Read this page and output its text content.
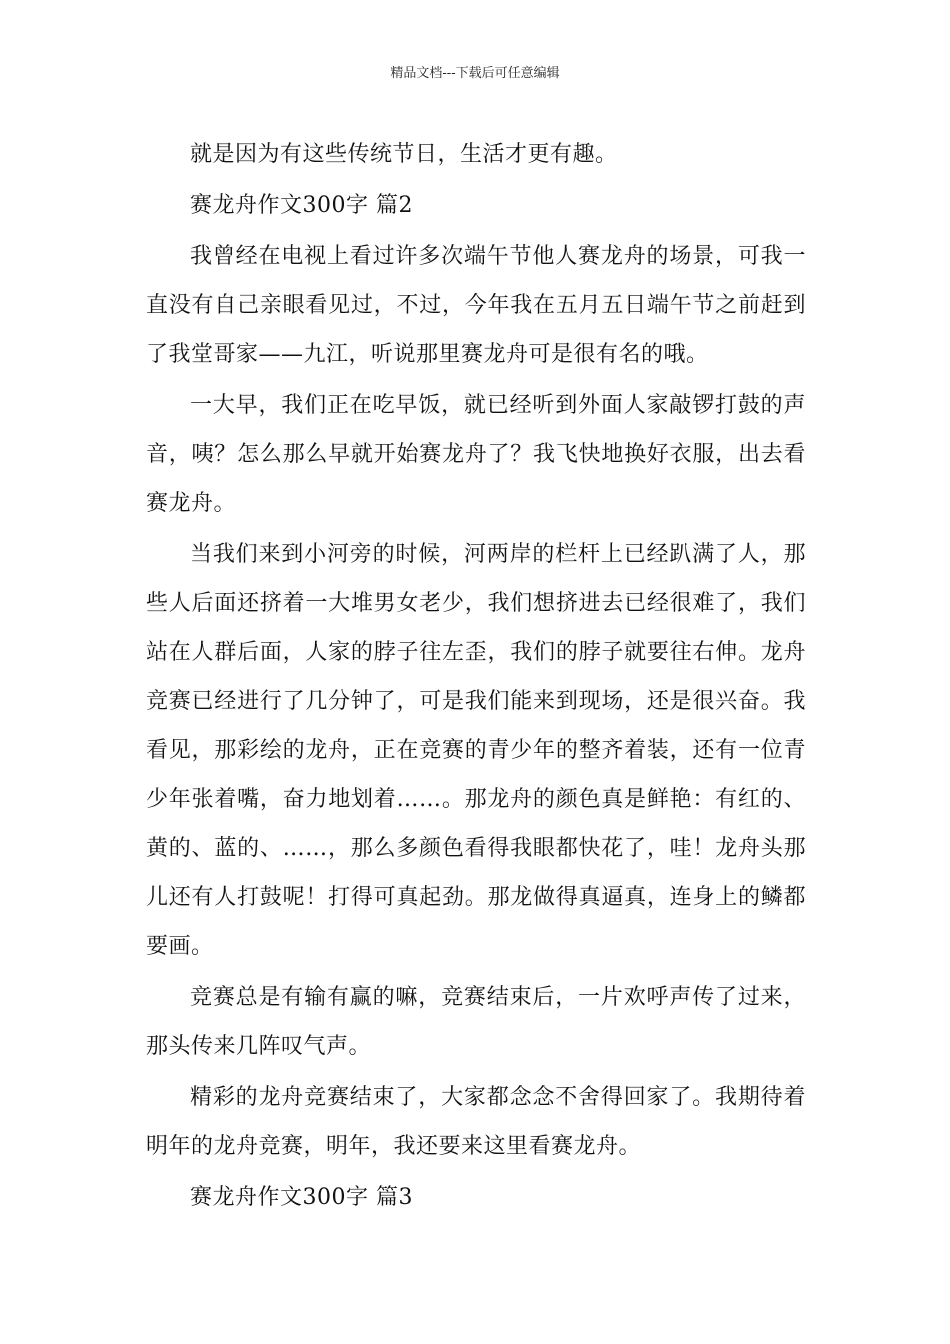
精品文档---下载后可任意编辑

就是因为有这些传统节日，生活才更有趣。

赛龙舟作文300字 篇2

我曾经在电视上看过许多次端午节他人赛龙舟的场景，可我一直没有自己亲眼看见过，不过，今年我在五月五日端午节之前赶到了我堂哥家——九江，听说那里赛龙舟可是很有名的哦。

一大早，我们正在吃早饭，就已经听到外面人家敲锣打鼓的声音，咦？怎么那么早就开始赛龙舟了？我飞快地换好衣服，出去看赛龙舟。

当我们来到小河旁的时候，河两岸的栏杆上已经趴满了人，那些人后面还挤着一大堆男女老少，我们想挤进去已经很难了，我们站在人群后面，人家的脖子往左歪，我们的脖子就要往右伸。龙舟竞赛已经进行了几分钟了，可是我们能来到现场，还是很兴奋。我看见，那彩绘的龙舟，正在竞赛的青少年的整齐着装，还有一位青少年张着嘴，奋力地划着……。那龙舟的颜色真是鲜艳：有红的、黄的、蓝的、……，那么多颜色看得我眼都快花了，哇！龙舟头那儿还有人打鼓呢！打得可真起劲。那龙做得真逼真，连身上的鳞都要画。

竞赛总是有输有赢的嘛，竞赛结束后，一片欢呼声传了过来，那头传来几阵叹气声。

精彩的龙舟竞赛结束了，大家都念念不舍得回家了。我期待着明年的龙舟竞赛，明年，我还要来这里看赛龙舟。

赛龙舟作文300字 篇3
